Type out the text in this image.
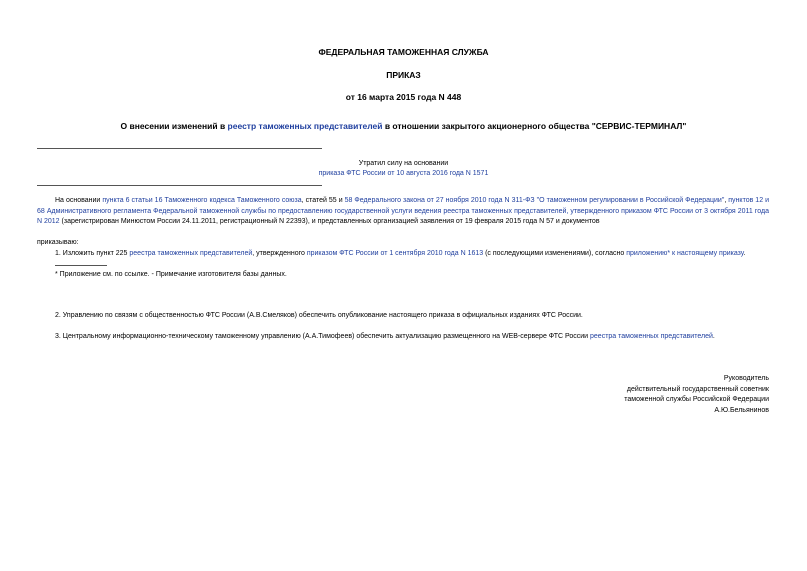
ФЕДЕРАЛЬНАЯ ТАМОЖЕННАЯ СЛУЖБА
ПРИКАЗ
от 16 марта 2015 года N 448
О внесении изменений в реестр таможенных представителей в отношении закрытого акционерного общества "СЕРВИС-ТЕРМИНАЛ"
Утратил силу на основании
приказа ФТС России от 10 августа 2016 года N 1571
На основании пункта 6 статьи 16 Таможенного кодекса Таможенного союза, статей 55 и 58 Федерального закона от 27 ноября 2010 года N 311-ФЗ "О таможенном регулировании в Российской Федерации", пунктов 12 и 68 Административного регламента Федеральной таможенной службы по предоставлению государственной услуги ведения реестра таможенных представителей, утвержденного приказом ФТС России от 3 октября 2011 года N 2012 (зарегистрирован Минюстом России 24.11.2011, регистрационный N 22393), и представленных организацией заявления от 19 февраля 2015 года N 57 и документов
приказываю:
1. Изложить пункт 225 реестра таможенных представителей, утвержденного приказом ФТС России от 1 сентября 2010 года N 1613 (с последующими изменениями), согласно приложению* к настоящему приказу.
* Приложение см. по ссылке. - Примечание изготовителя базы данных.
2. Управлению по связям с общественностью ФТС России (А.В.Смеляков) обеспечить опубликование настоящего приказа в официальных изданиях ФТС России.
3. Центральному информационно-техническому таможенному управлению (А.А.Тимофеев) обеспечить актуализацию размещенного на WEB-сервере ФТС России реестра таможенных представителей.
Руководитель
действительный государственный советник
таможенной службы Российской Федерации
А.Ю.Бельянинов
